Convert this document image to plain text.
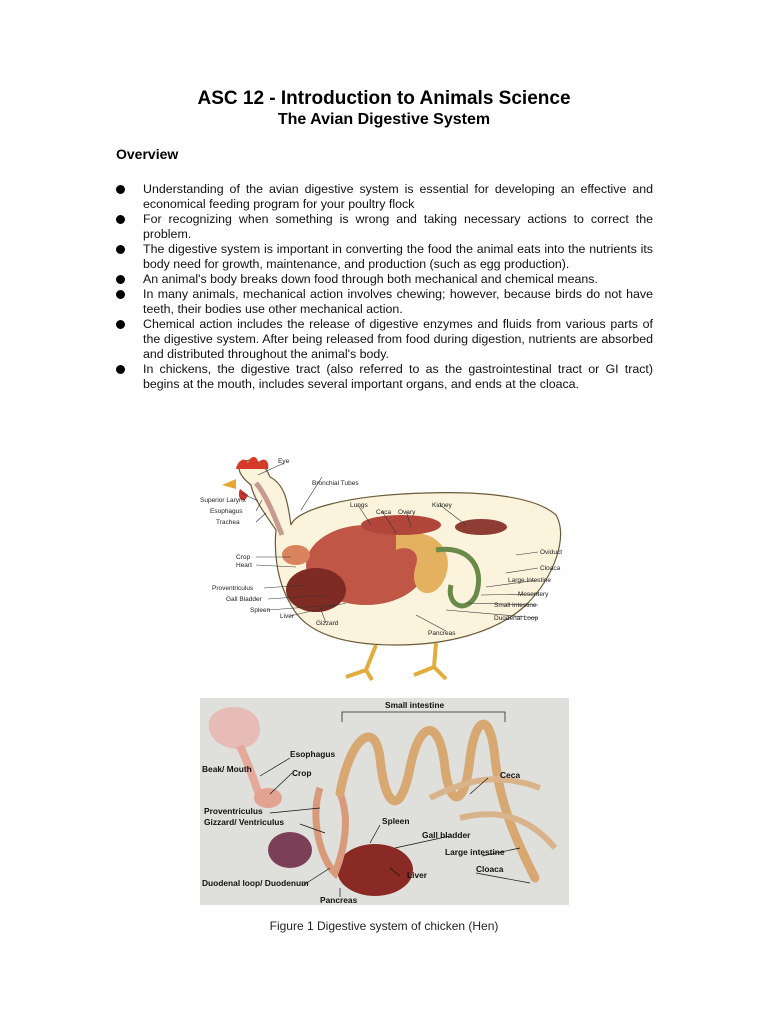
ASC 12 - Introduction to Animals Science
The Avian Digestive System
Overview
Understanding of the avian digestive system is essential for developing an effective and economical feeding program for your poultry flock
For recognizing when something is wrong and taking necessary actions to correct the problem.
The digestive system is important in converting the food the animal eats into the nutrients its body need for growth, maintenance, and production (such as egg production).
An animal's body breaks down food through both mechanical and chemical means.
In many animals, mechanical action involves chewing; however, because birds do not have teeth, their bodies use other mechanical action.
Chemical action includes the release of digestive enzymes and fluids from various parts of the digestive system. After being released from food during digestion, nutrients are absorbed and distributed throughout the animal's body.
In chickens, the digestive tract (also referred to as the gastrointestinal tract or GI tract) begins at the mouth, includes several important organs, and ends at the cloaca.
Eye
Bronchial Tubes
Superior Larynx
Esophagus
Trachea
Lungs
Ceca Ovary
Kidney
Oviduct
Crop
Heart	Cloaca
Large Intestine
Proventriculus
Mesentery
Gall Bladder
Small Intestine
Spleen
Duodenal Loop
Liver
Gizzard
Pancreas
Small intestine
Esophagus
Beak/ Mouth	Crop	Ceca
Proventriculus
Gizzard/ Ventriculus	Spleen
Gall bladder
Large intestine
Cloaca
Duodenal loop/ Duodenum
Liver
Pancreas
Figure 1 Digestive system of chicken (Hen)
